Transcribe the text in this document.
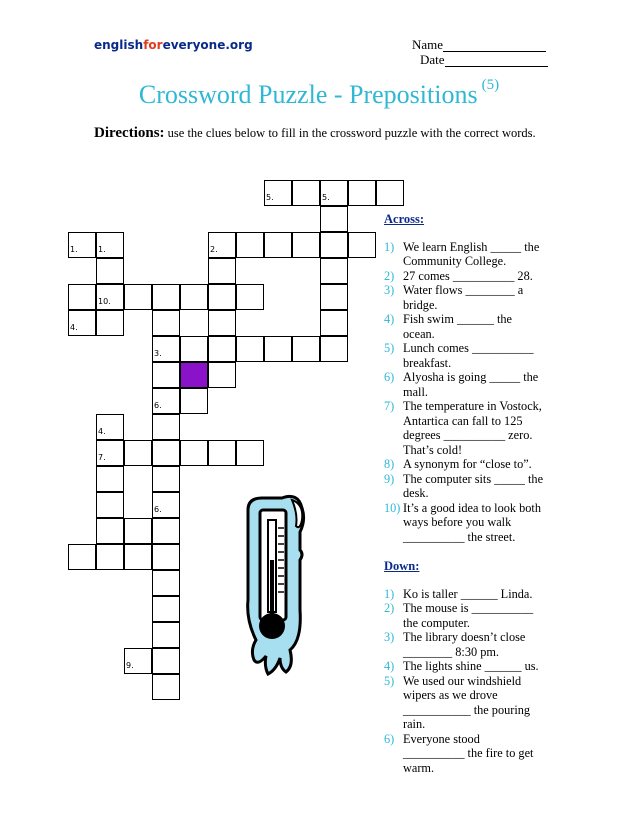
englishforeveryone.org	Name
Date
Crossword Puzzle - Prepositions $^{(5)}$
Directions: use the clues below to fill in the crossword puzzle with the correct words.
5.	5.
1.	1.	2.
10.
4.
3.
6.
4.
7.
6.
9.
Across:
1) We learn English _____ the Community College.
2) 27 comes __________ 28.
3) Water flows ________ a bridge.
4) Fish swim ______ the ocean.
5) Lunch comes __________ breakfast.
6) Alyosha is going _____ the mall.
7) The temperature in Vostock, Antartica can fall to 125 degrees __________ zero. That’s cold!
8) A synonym for “close to”.
9) The computer sits _____ the desk.
10) It’s a good idea to look both ways before you walk __________ the street.
Down:
1) Ko is taller ______ Linda.
2) The mouse is __________ the computer.
3) The library doesn’t close ________ 8:30 pm.
4) The lights shine ______ us.
5) We used our windshield wipers as we drove ___________ the pouring rain.
6) Everyone stood __________ the fire to get warm.
